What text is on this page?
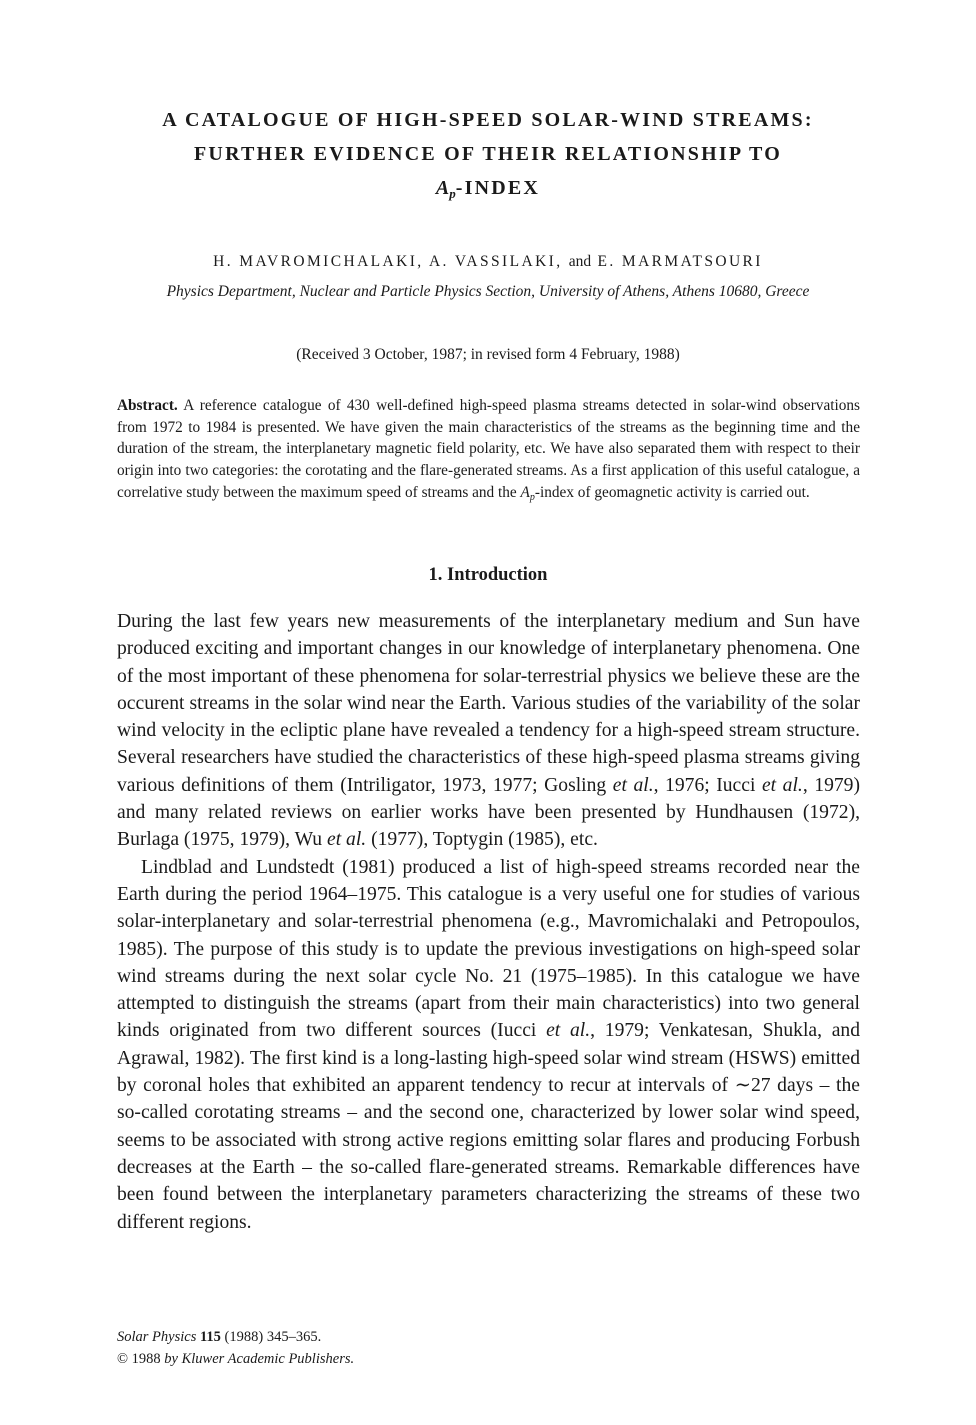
A CATALOGUE OF HIGH-SPEED SOLAR-WIND STREAMS:
FURTHER EVIDENCE OF THEIR RELATIONSHIP TO
$A_p$-INDEX
H. MAVROMICHALAKI, A. VASSILAKI, and E. MARMATSOURI
Physics Department, Nuclear and Particle Physics Section, University of Athens, Athens 10680, Greece
(Received 3 October, 1987; in revised form 4 February, 1988)
Abstract. A reference catalogue of 430 well-defined high-speed plasma streams detected in solar-wind observations from 1972 to 1984 is presented. We have given the main characteristics of the streams as the beginning time and the duration of the stream, the interplanetary magnetic field polarity, etc. We have also separated them with respect to their origin into two categories: the corotating and the flare-generated streams. As a first application of this useful catalogue, a correlative study between the maximum speed of streams and the $A_p$-index of geomagnetic activity is carried out.
1. Introduction

During the last few years new measurements of the interplanetary medium and Sun have produced exciting and important changes in our knowledge of interplanetary phenomena. One of the most important of these phenomena for solar-terrestrial physics we believe these are the occurent streams in the solar wind near the Earth. Various studies of the variability of the solar wind velocity in the ecliptic plane have revealed a tendency for a high-speed stream structure. Several researchers have studied the characteristics of these high-speed plasma streams giving various definitions of them (Intriligator, 1973, 1977; Gosling et al., 1976; Iucci et al., 1979) and many related reviews on earlier works have been presented by Hundhausen (1972), Burlaga (1975, 1979), Wu et al. (1977), Toptygin (1985), etc.

Lindblad and Lundstedt (1981) produced a list of high-speed streams recorded near the Earth during the period 1964–1975. This catalogue is a very useful one for studies of various solar-interplanetary and solar-terrestrial phenomena (e.g., Mavromichalaki and Petropoulos, 1985). The purpose of this study is to update the previous investigations on high-speed solar wind streams during the next solar cycle No. 21 (1975–1985). In this catalogue we have attempted to distinguish the streams (apart from their main characteristics) into two general kinds originated from two different sources (Iucci et al., 1979; Venkatesan, Shukla, and Agrawal, 1982). The first kind is a long-lasting high-speed solar wind stream (HSWS) emitted by coronal holes that exhibited an apparent tendency to recur at intervals of ∼27 days – the so-called corotating streams – and the second one, characterized by lower solar wind speed, seems to be associated with strong active regions emitting solar flares and producing Forbush decreases at the Earth – the so-called flare-generated streams. Remarkable differences have been found between the interplanetary parameters characterizing the streams of these two different regions.

Solar Physics 115 (1988) 345–365.
© 1988 by Kluwer Academic Publishers.
